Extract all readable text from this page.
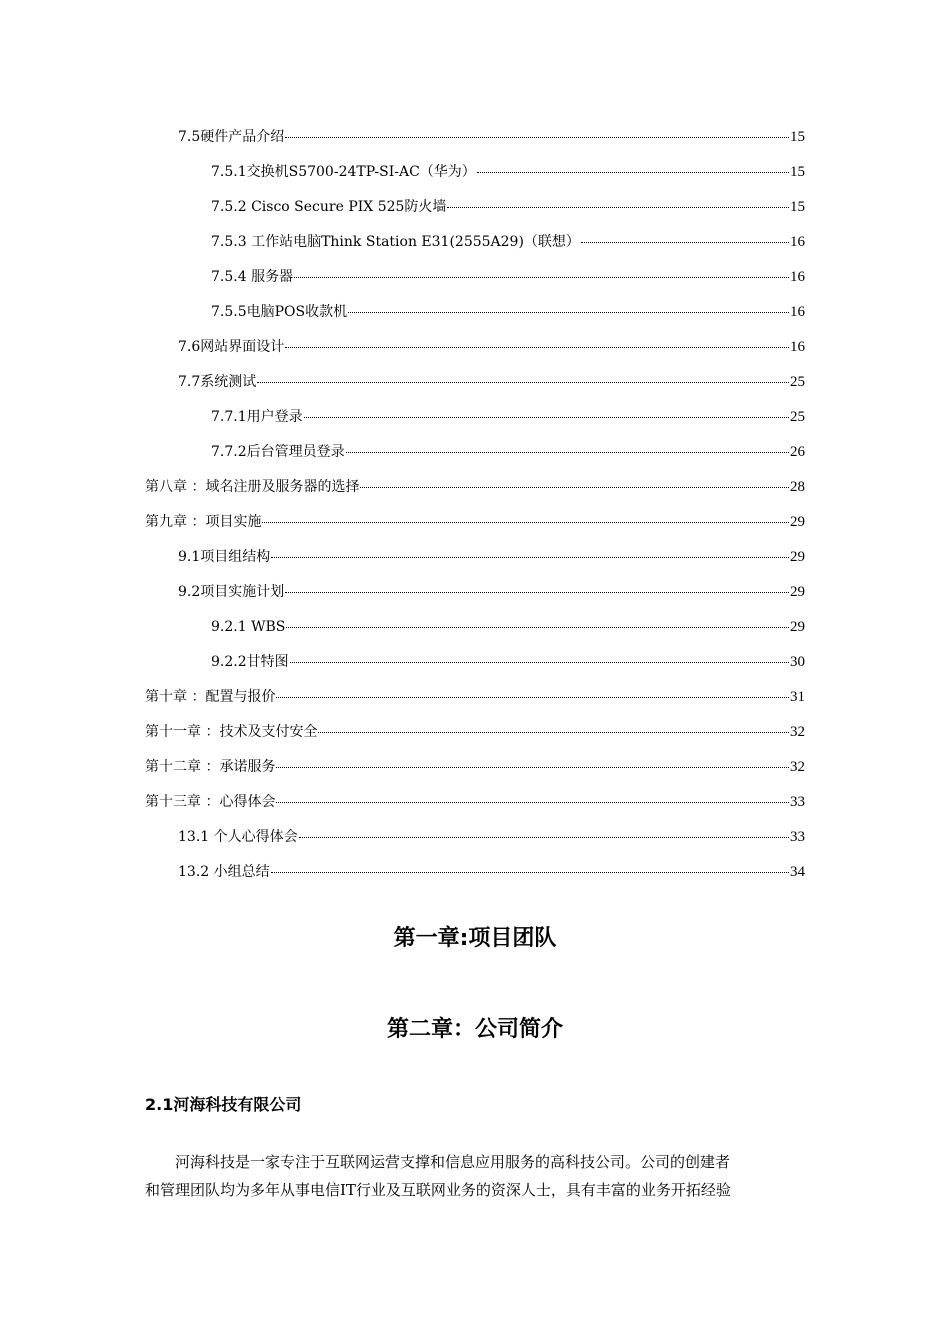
7.5硬件产品介绍	15
7.5.1交换机S5700-24TP-SI-AC（华为）	15
7.5.2 Cisco Secure PIX 525防火墙	15
7.5.3 工作站电脑Think Station E31(2555A29)（联想）	16
7.5.4 服务器	16
7.5.5电脑POS收款机	16
7.6网站界面设计	16
7.7系统测试	25
7.7.1用户登录	25
7.7.2后台管理员登录	26
第八章 ：域名注册及服务器的选择	28
第九章 ：项目实施	29
9.1项目组结构	29
9.2项目实施计划	29
9.2.1 WBS	29
9.2.2甘特图	30
第十章 ：配置与报价	31
第十一章 ：技术及支付安全	32
第十二章 ：承诺服务	32
第十三章 ：心得体会	33
13.1 个人心得体会	33
13.2 小组总结	34
第一章:项目团队
第二章：公司简介
2.1河海科技有限公司

　　河海科技是一家专注于互联网运营支撑和信息应用服务的高科技公司。公司的创建者

和管理团队均为多年从事电信IT行业及互联网业务的资深人士，具有丰富的业务开拓经验
